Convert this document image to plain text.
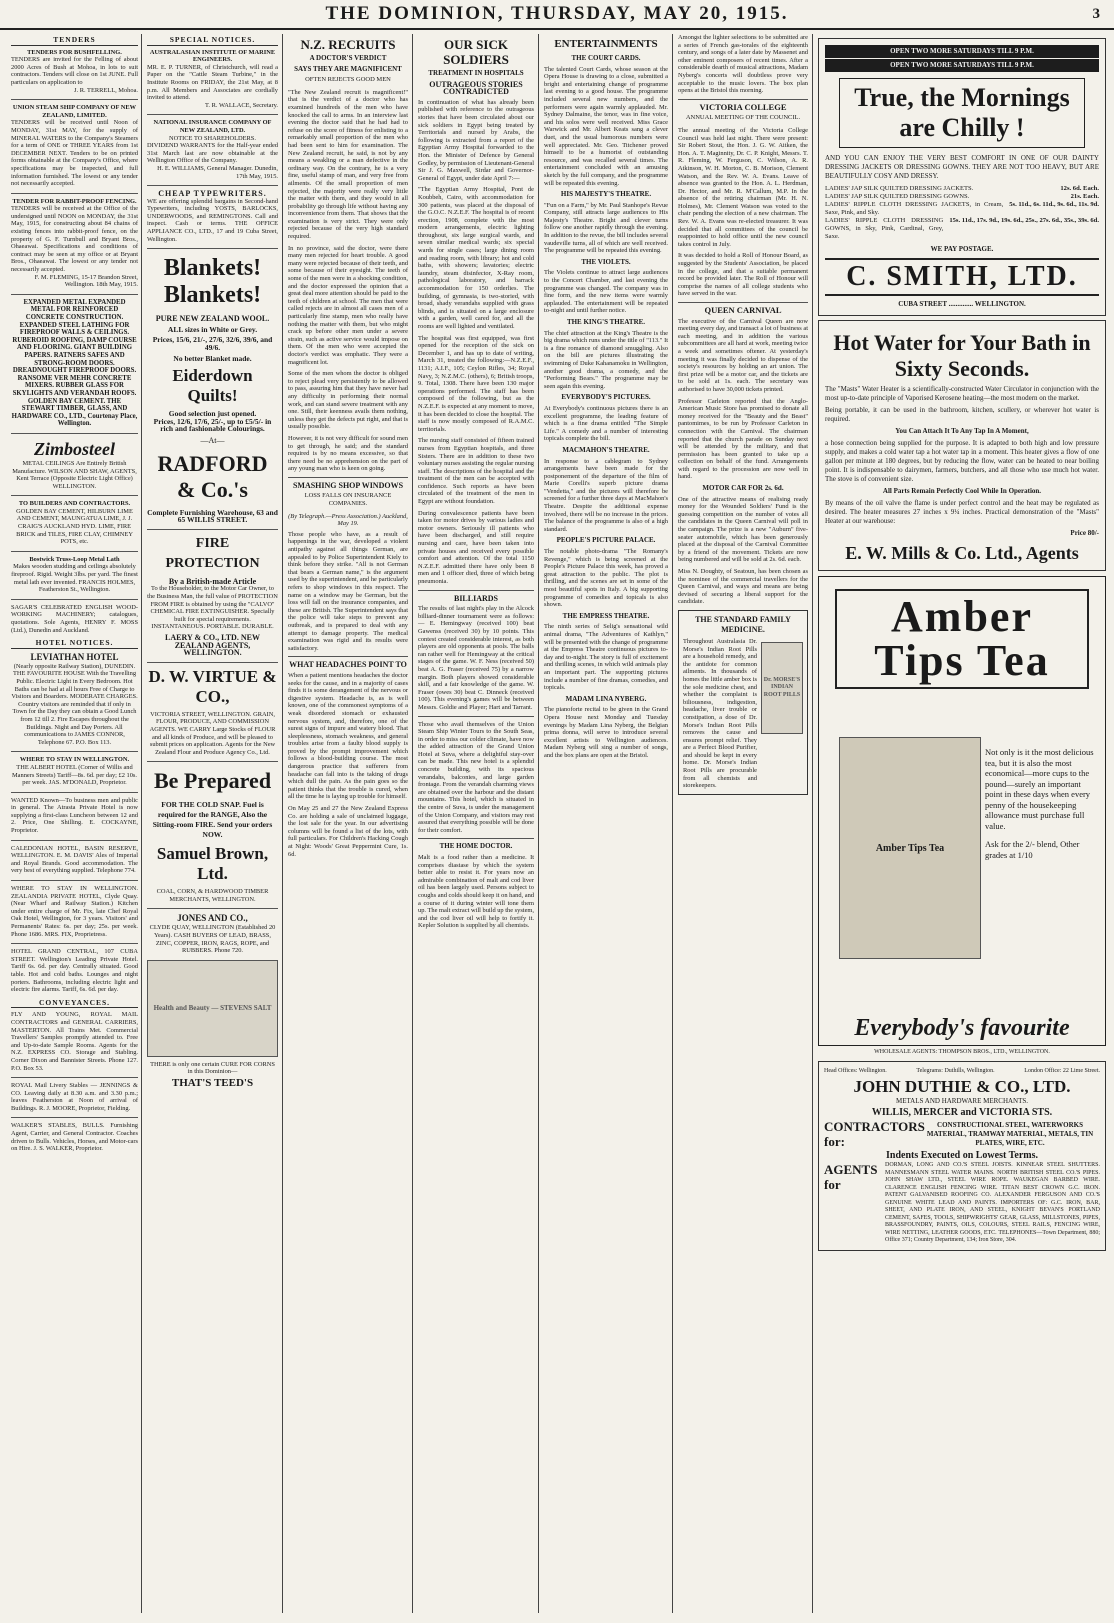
THE DOMINION, THURSDAY, MAY 20, 1915.	3
TENDERS
TENDERS FOR BUSHFELLING.
TENDERS are invited for the Felling of about 2000 Acres of Bush at Mohoa, in lots to suit contractors. Tenders will close on 1st JUNE. Full particulars on application to
J. R. TERRELL, Mohoa.
UNION STEAM SHIP COMPANY OF NEW ZEALAND, LIMITED.
TENDERS will be received until Noon of MONDAY, 31st MAY, for the supply of MINERAL WATERS to the Company's Steamers for a term of ONE or THREE YEARS from 1st DECEMBER NEXT. Tenders to be on printed forms obtainable at the Company's Office, where specifications may be inspected, and full information furnished. The lowest or any tender not necessarily accepted.
TENDER FOR RABBIT-PROOF FENCING.
TENDERS will be received at the Office of the undersigned until NOON on MONDAY, the 31st May, 1915, for constructing about 84 chains of existing fences into rabbit-proof fence, on the property of G. F. Turnbull and Bryant Bros., Ohaeawai. Specifications and conditions of contract may be seen at my office or at Bryant Bros., Ohaeawai. The lowest or any tender not necessarily accepted.
F. M. FLEMING, 15-17 Brandon Street, Wellington. 18th May, 1915.
EXPANDED METAL EXPANDED METAL FOR REINFORCED CONCRETE CONSTRUCTION. EXPANDED STEEL LATHING FOR FIREPROOF WALLS & CEILINGS. RUBEROID ROOFING, DAMP COURSE AND FLOORING. GIANT BUILDING PAPERS. RATNERS SAFES AND STRONG-ROOM DOORS. DREADNOUGHT FIREPROOF DOORS. RANSOME VER MEHR CONCRETE MIXERS. RUBBER GLASS FOR SKYLIGHTS AND VERANDAH ROOFS. GOLDEN BAY CEMENT. THE STEWART TIMBER, GLASS, AND HARDWARE CO., LTD., Courtenay Place, Wellington.
Zimbosteel
METAL CEILINGS Are Entirely British Manufacture. WILSON AND SHAW, AGENTS, Kent Terrace (Opposite Electric Light Office) WELLINGTON.
TO BUILDERS AND CONTRACTORS.
GOLDEN BAY CEMENT, HILBURN LIME AND CEMENT, MAUNGATUA LIME, J. J. CRAIG'S AUCKLAND HYD. LIME, FIRE BRICK and TILES, FIRE CLAY, CHIMNEY POTS, etc.
Bostwick Truss-Loop Metal Lath
Makes wooden studding and ceilings absolutely fireproof. Rigid. Weight 3lbs. per yard. The finest metal lath ever invented. FRANCIS HOLMES, Featherston St., Wellington.
SAGAR'S CELEBRATED ENGLISH WOOD-WORKING MACHINERY; catalogues, quotations. Sole Agents, HENRY F. MOSS (Ltd.), Dunedin and Auckland.
HOTEL NOTICES.
LEVIATHAN HOTEL
(Nearly opposite Railway Station), DUNEDIN. THE FAVOURITE HOUSE With the Travelling Public. Electric Light in Every Bedroom. Hot Baths can be had at all hours Free of Charge to Visitors and Boarders. MODERATE CHARGES. Country visitors are reminded that if only in Town for the Day they can obtain a Good Lunch from 12 till 2. Fire Escapes throughout the Buildings. Night and Day Porters. All communications to JAMES CONNOR, Telephone 67. P.O. Box 113.
WHERE TO STAY IN WELLINGTON.
THE ALBERT HOTEL (Corner of Willis and Manners Streets) Tariff—8s. 6d. per day; £2 10s. per week. JAS. M'DONALD, Proprietor.
WANTED Known—To business men and public in general. The Atrasta Private Hotel is now supplying a first-class Luncheon between 12 and 2. Price, One Shilling. E. COCKAYNE, Proprietor.
CALEDONIAN HOTEL, BASIN RESERVE, WELLINGTON. E. M. DAVIS' Ales of Imperial and Royal Brands. Good accommodation. The very best of everything supplied. Telephone 774.
WHERE TO STAY IN WELLINGTON. ZEALANDIA PRIVATE HOTEL, Clyde Quay. (Near Wharf and Railway Station.) Kitchen under entire charge of Mr. Fix, late Chef Royal Oak Hotel, Wellington, for 3 years. Visitors' and Permanents' Rates: 6s. per day; 25s. per week. Phone 1686. MRS. FIX, Proprietress.
HOTEL GRAND CENTRAL, 107 CUBA STREET. Wellington's Leading Private Hotel. Tariff 6s. 6d. per day. Centrally situated. Good table. Hot and cold baths. Lounges and night porters. Bathrooms, including electric light and electric fire alarms. Tariff, 6s. 6d. per day.
CONVEYANCES.
FLY AND YOUNG, ROYAL MAIL CONTRACTORS and GENERAL CARRIERS, MASTERTON. All Trains Met. Commercial Travellers' Samples promptly attended to. Free and Up-to-date Sample Rooms. Agents for the N.Z. EXPRESS CO. Storage and Stabling. Corner Dixon and Bannister Streets. Phone 127. P.O. Box 53.
ROYAL Mail Livery Stables — JENNINGS & CO. Leaving daily at 8.30 a.m. and 3.30 p.m.; leaves Featherston at Noon of arrival of Buildings. R. J. MOORE, Proprietor, Fielding.
WALKER'S STABLES, BULLS. Furnishing Agent, Carrier, and General Contractor. Coaches driven to Bulls. Vehicles, Horses, and Motor-cars on Hire. J. S. WALKER, Proprietor.
SPECIAL NOTICES.
AUSTRALASIAN INSTITUTE OF MARINE ENGINEERS.
MR. E. P. TURNER, of Christchurch, will read a Paper on the "Cattle Steam Turbine," in the Institute Rooms on FRIDAY, the 21st May, at 8 p.m. All Members and Associates are cordially invited to attend.
T. R. WALLACE, Secretary.
NATIONAL INSURANCE COMPANY OF NEW ZEALAND, LTD.
NOTICE TO SHAREHOLDERS.
DIVIDEND WARRANTS for the Half-year ended 31st March last are now obtainable at the Wellington Office of the Company.
H. E. WILLIAMS, General Manager. Dunedin, 17th May, 1915.
CHEAP TYPEWRITERS.
WE are offering splendid bargains in Second-hand Typewriters, including YOSTS, BARLOCKS, UNDERWOODS, and REMINGTONS. Call and inspect. Cash or terms. THE OFFICE APPLIANCE CO., LTD., 17 and 19 Cuba Street, Wellington.
Blankets! Blankets!
PURE NEW ZEALAND WOOL.
ALL sizes in White or Grey.
Prices, 15/6, 21/-, 27/6, 32/6, 39/6, and 49/6.
No better Blanket made.
Eiderdown Quilts!
Good selection just opened.
Prices, 12/6, 17/6, 25/-, up to £5/5/- in rich and fashionable Colourings.
—At—
RADFORD & Co.'s
Complete Furnishing Warehouse, 63 and 65 WILLIS STREET.
FIRE PROTECTION
By a British-made Article
To the Householder, to the Motor Car Owner, to the Business Man, the full value of PROTECTION FROM FIRE is obtained by using the "CALVO" CHEMICAL FIRE EXTINGUISHER. Specially built for special requirements. INSTANTANEOUS. PORTABLE. DURABLE.
LAERY & CO., LTD. NEW ZEALAND AGENTS, WELLINGTON.
D. W. VIRTUE & CO.,
VICTORIA STREET, WELLINGTON. GRAIN, FLOUR, PRODUCE, AND COMMISSION AGENTS. WE CARRY Large Stocks of FLOUR and all kinds of Produce, and will be pleased to submit prices on application. Agents for the New Zealand Flour and Produce Agency Co., Ltd.
Be Prepared
FOR THE COLD SNAP. Fuel is required for the RANGE, Also the Sitting-room FIRE. Send your orders NOW.
Samuel Brown, Ltd.
COAL, CORN, & HARDWOOD TIMBER MERCHANTS, WELLINGTON.
JONES AND CO.,
CLYDE QUAY, WELLINGTON (Established 20 Years). CASH BUYERS OF LEAD, BRASS, ZINC, COPPER, IRON, RAGS, ROPE, and RUBBERS. Phone 720.
Health and Beauty — STEVENS SALT
THERE is only one certain CURE FOR CORNS in this Dominion—
THAT'S TEED'S
N.Z. RECRUITS
A DOCTOR'S VERDICT
SAYS THEY ARE MAGNIFICENT
OFTEN REJECTS GOOD MEN

"The New Zealand recruit is magnificent!" that is the verdict of a doctor who has examined hundreds of the men who have knocked the call to arms. In an interview last evening the doctor said that he had had to refuse on the score of fitness for enlisting to a remarkably small proportion of the men who had been sent to him for examination. The New Zealand recruit, he said, is not by any means a weakling or a man defective in the ordinary way. On the contrary, he is a very fine, useful stamp of man, and very free from ailments. Of the small proportion of men rejected, the majority were really very little the matter with them, and they would in all probability go through life without having any inconvenience from them. That shows that the examination is very strict. They were only rejected because of the very high standard required.

In no province, said the doctor, were there many men rejected for heart trouble. A good many were rejected because of their teeth, and some because of their eyesight. The teeth of some of the men were in a shocking condition, and the doctor expressed the opinion that a great deal more attention should be paid to the teeth of children at school. The men that were called rejects are in almost all cases men of a particularly fine stamp, men who really have nothing the matter with them, but who might crack up before other men under a severe strain, such as active service would impose on them. Of the men who were accepted the doctor's verdict was emphatic. They were a magnificent lot.

Some of the men whom the doctor is obliged to reject plead very persistently to be allowed to pass, assuring him that they have never had any difficulty in performing their normal work, and can stand severe treatment with any one. Still, their keenness avails them nothing, unless they get the defects put right, and that is usually possible.

However, it is not very difficult for sound men to get through, he said; and the standard required is by no means excessive, so that there need be no apprehension on the part of any young man who is keen on going.

SMASHING SHOP WINDOWS
LOSS FALLS ON INSURANCE COMPANIES.
(By Telegraph.—Press Association.) Auckland, May 19.

Those people who have, as a result of happenings in the war, developed a violent antipathy against all things German, are appealed to by Police Superintendent Kiely to think before they strike. "All is not German that bears a German name," is the argument used by the superintendent, and he particularly refers to shop windows in this respect. The name on a window may be German, but the loss will fall on the insurance companies, and these are British. The Superintendent says that the police will take steps to prevent any outbreak, and is prepared to deal with any attempt to damage property. The medical examination was rigid and its results were satisfactory.

WHAT HEADACHES POINT TO

When a patient mentions headaches the doctor seeks for the cause, and in a majority of cases finds it is some derangement of the nervous or digestive system. Headache is, as is well known, one of the commonest symptoms of a weak disordered stomach or exhausted nervous system, and, therefore, one of the surest signs of impure and watery blood. That sleeplessness, stomach weakness, and general troubles arise from a faulty blood supply is proved by the prompt improvement which follows a blood-building course. The most dangerous practice that sufferers from headache can fall into is the taking of drugs which dull the pain. As the pain goes so the patient thinks that the trouble is cured, when all the time he is laying up trouble for himself.

On May 25 and 27 the New Zealand Express Co. are holding a sale of unclaimed luggage, the lost sale for the year. In our advertising columns will be found a list of the lots, with full particulars. For Children's Hacking Cough at Night: Woods' Great Peppermint Cure, 1s. 6d.

OUR SICK SOLDIERS
TREATMENT IN HOSPITALS
OUTRAGEOUS STORIES CONTRADICTED

In continuation of what has already been published with reference to the outrageous stories that have been circulated about our sick soldiers in Egypt being treated by Territorials and nursed by Arabs, the following is extracted from a report of the Egyptian Army Hospital forwarded to the Hon. the Minister of Defence by General Godley, by permission of Lieutenant-General Sir J. G. Maxwell, Sirdar and Governor-General of Egypt, under date April 7:—

"The Egyptian Army Hospital, Pont de Koubbeh, Cairo, with accommodation for 300 patients, was placed at the disposal of the G.O.C. N.Z.E.F. The hospital is of recent erection, 1908, complete with the most modern arrangements, electric lighting throughout, six large surgical wards, and seven similar medical wards; six special wards for single cases; large dining room and reading room, with library; hot and cold baths, with showers; lavatories; electric laundry, steam disinfector, X-Ray room, pathological laboratory, and barrack accommodation for 150 orderlies. The building, of gymnasia, is two-storied, with broad, shady verandahs supplied with grass blinds, and is situated on a large enclosure with a garden, well cared for, and all the rooms are well lighted and ventilated.

The hospital was first equipped, was first opened for the reception of the sick on December 1, and has up to date of writing, March 31, treated the following:—N.Z.E.F., 1131; A.I.F., 105; Ceylon Rifles, 34; Royal Navy, 3; N.Z.M.C. (others), 6; British troops, 9. Total, 1308. There have been 130 major operations performed. The staff has been composed of the following, but as the N.Z.E.F. is expected at any moment to move, it has been decided to close the hospital. The staff is now mostly composed of R.A.M.C. territorials.

The nursing staff consisted of fifteen trained nurses from Egyptian hospitals, and three Sisters. There are in addition to these two voluntary nurses assisting the regular nursing staff. The descriptions of the hospital and the treatment of the men can be accepted with confidence. Such reports as have been circulated of the treatment of the men in Egypt are without foundation.

During convalescence patients have been taken for motor drives by various ladies and motor owners. Seriously ill patients who have been discharged, and still require nursing and care, have been taken into private houses and received every possible comfort and attention. Of the total 1150 N.Z.E.F. admitted there have only been 8 men and 1 officer died, three of which being pneumonia.

BILLIARDS

The results of last night's play in the Alcock billiard-dinner tournament were as follows:— E. Hemingway (received 100) beat Gawenss (received 30) by 10 points. This contest created considerable interest, as both players are old opponents at pools. The balls ran rather well for Hemingway at the critical stages of the game. W. F. Ness (received 50) beat A. G. Fraser (received 75) by a narrow margin. Both players showed considerable skill, and a fair knowledge of the game. W. Fraser (owes 30) beat C. Dinneck (received 100). This evening's games will be between Messrs. Goldie and Player; Hart and Tarrant.

Those who avail themselves of the Union Steam Ship Winter Tours to the South Seas, in order to miss our colder climate, have now the added attraction of the Grand Union Hotel at Suva, where a delightful stay-over can be made. This new hotel is a splendid concrete building, with its spacious verandahs, balconies, and large garden frontage. From the verandah charming views are obtained over the harbour and the distant mountains. This hotel, which is situated in the centre of Suva, is under the management of the Union Company, and visitors may rest assured that everything possible will be done for their comfort.

THE HOME DOCTOR.

Malt is a food rather than a medicine. It comprises diastase by which the system better able to resist it. For years now an admirable combination of malt and cod liver oil has been largely used. Persons subject to coughs and colds should keep it on hand, and a course of it during winter will tone them up. The malt extract will build up the system, and the cod liver oil will help to fortify it. Kepler Solution is supplied by all chemists.

ENTERTAINMENTS
THE COURT CARDS.

The talented Court Cards, whose season at the Opera House is drawing to a close, submitted a bright and entertaining change of programme last evening to a good house. The programme included several new numbers, and the performers were again warmly applauded. Mr. Sydney Dalmaine, the tenor, was in fine voice, and his solos were well received. Miss Grace Warwick and Mr. Albert Keats sang a clever duet, and the usual humorous numbers were well appreciated. Mr. Geo. Titchener proved himself to be a humorist of outstanding resource, and was recalled several times. The entertainment concluded with an amusing sketch by the full company, and the programme will be repeated this evening.

HIS MAJESTY'S THEATRE.

"Fun on a Farm," by Mr. Paul Stanhope's Revue Company, still attracts large audiences to His Majesty's Theatre. Bright and clever turns follow one another rapidly through the evening. In addition to the revue, the bill includes several vaudeville turns, all of which are well received. The programme will be repeated this evening.

THE VIOLETS.

The Violets continue to attract large audiences to the Concert Chamber, and last evening the programme was changed. The company was in fine form, and the new items were warmly applauded. The entertainment will be repeated to-night and until further notice.

THE KING'S THEATRE.

The chief attraction at the King's Theatre is the big drama which runs under the title of "113." It is a fine romance of diamond smuggling. Also on the bill are pictures illustrating the swimming of Duke Kahanamoku in Wellington, another good drama, a comedy, and the "Performing Bears." The programme may be seen again this evening.

EVERYBODY'S PICTURES.

At Everybody's continuous pictures there is an excellent programme, the leading feature of which is a fine drama entitled "The Simple Life." A comedy and a number of interesting topicals complete the bill.

MACMAHON'S THEATRE.

In response to a cablegram to Sydney arrangements have been made for the postponement of the departure of the film of Marie Corelli's superb picture drama "Vendetta," and the pictures will therefore be screened for a further three days at MacMahon's Theatre. Despite the additional expense involved, there will be no increase in the prices. The balance of the programme is also of a high standard.

PEOPLE'S PICTURE PALACE.

The notable photo-drama "The Romany's Revenge," which is being screened at the People's Picture Palace this week, has proved a great attraction to the public. The plot is thrilling, and the scenes are set in some of the most beautiful spots in Italy. A big supporting programme of comedies and topicals is also shown.

THE EMPRESS THEATRE.

The ninth series of Selig's sensational wild animal drama, "The Adventures of Kathlyn," will be presented with the change of programme at the Empress Theatre continuous pictures to-day and to-night. The story is full of excitement and thrilling scenes, in which wild animals play an important part. The supporting pictures include a number of fine dramas, comedies, and topicals.

MADAM LINA NYBERG.

The pianoforte recital to be given in the Grand Opera House next Monday and Tuesday evenings by Madam Lina Nyberg, the Belgian prima donna, will serve to introduce several excellent artists to Wellington audiences. Madam Nyberg will sing a number of songs, and the box plans are open at the Bristol.

Amongst the lighter selections to be submitted are a series of French gas-torales of the eighteenth century, and songs of a later date by Massenet and other eminent composers of recent times. After a considerable dearth of musical attractions, Madam Nyberg's concerts will doubtless prove very acceptable to the music lovers. The box plan opens at the Bristol this morning.

VICTORIA COLLEGE
ANNUAL MEETING OF THE COUNCIL.

The annual meeting of the Victoria College Council was held last night. There were present: Sir Robert Stout, the Hon. J. G. W. Aitken, the Hon. A. T. Maginnity, Dr. C. P. Knight, Messrs. T. R. Fleming, W. Ferguson, C. Wilson, A. R. Atkinson, W. H. Morton, C. B. Morison, Clement Watson, and the Rev. W. A. Evans. Leave of absence was granted to the Hon. A. L. Herdman, Dr. Hector, and Mr. R. M'Callum, M.P. In the absence of the retiring chairman (Mr. H. N. Holmes), Mr. Clement Watson was voted to the chair pending the election of a new chairman. The Rev. W. A. Evans was re-elected treasurer. It was decided that all committees of the council be reappointed to hold office until the new council takes control in July.

It was decided to hold a Roll of Honour Board, as suggested by the Students' Association, be placed in the college, and that a suitable permanent record be provided later. The Roll of Honour will comprise the names of all college students who have served in the war.

QUEEN CARNIVAL

The executive of the Carnival Queen are now meeting every day, and transact a lot of business at each meeting, and in addition the various subcommittees are all hard at work, meeting twice a week and sometimes oftener. At yesterday's meeting it was finally decided to dispense of the society's resources by holding an art union. The first prize will be a motor car, and the tickets are to be sold at 1s. each. The secretary was authorised to have 30,000 tickets printed.

Professor Carleton reported that the Anglo-American Music Store has promised to donate all money received for the "Beauty and the Beast" pantomimes, to be run by Professor Carleton in connection with the Carnival. The chairman reported that the church parade on Sunday next will be attended by the military, and that permission has been granted to take up a collection on behalf of the fund. Arrangements with regard to the procession are now well in hand.

MOTOR CAR FOR 2s. 6d.

One of the attractive means of realising ready money for the Wounded Soldiers' Fund is the guessing competition on the number of votes all the candidates in the Queen Carnival will poll in the campaign. The prize is a new "Auburn" five-seater automobile, which has been generously placed at the disposal of the Carnival Committee by a friend of the movement. Tickets are now being numbered and will be sold at 2s. 6d. each.

Miss N. Doughty, of Seatoun, has been chosen as the nominee of the commercial travellers for the Queen Carnival, and ways and means are being devised of securing a liberal support for the candidate.

THE STANDARD FAMILY MEDICINE.
Throughout Australasia Dr. Morse's Indian Root Pills are a household remedy, and the antidote for common ailments. In thousands of homes the little amber box is the sole medicine chest, and whether the complaint is biliousness, indigestion, headache, liver trouble or constipation, a dose of Dr. Morse's Indian Root Pills removes the cause and ensures prompt relief. They are a Perfect Blood Purifier, and should be kept in every home. Dr. Morse's Indian Root Pills are procurable from all chemists and storekeepers.
Dr. MORSE'S INDIAN ROOT PILLS
OPEN TWO MORE SATURDAYS TILL 9 P.M.
OPEN TWO MORE SATURDAYS TILL 9 P.M.
True, the Mornings are Chilly !
AND YOU CAN ENJOY THE VERY BEST COMFORT IN ONE OF OUR DAINTY DRESSING JACKETS OR DRESSING GOWNS. THEY ARE NOT TOO HEAVY, BUT ARE BEAUTIFULLY COSY AND DRESSY.
LADIES' JAP SILK QUILTED DRESSING JACKETS.	12s. 6d. Each.
LADIES' JAP SILK QUILTED DRESSING GOWNS.	21s. Each.
LADIES' RIPPLE CLOTH DRESSING JACKETS, in Cream, Saxe, Pink, and Sky.
5s. 11d., 6s. 11d., 9s. 6d., 11s. 9d.
LADIES' RIPPLE CLOTH DRESSING GOWNS, in Sky, Pink, Cardinal, Grey, Saxe.
15s. 11d., 17s. 9d., 19s. 6d., 25s., 27s. 6d., 35s., 39s. 6d.
WE PAY POSTAGE.
C. SMITH, LTD.
CUBA STREET .............. WELLINGTON.
Hot Water for Your Bath in Sixty Seconds.
The "Masts" Water Heater is a scientifically-constructed Water Circulator in conjunction with the most up-to-date principle of Vaporised Kerosene heating—the most modern on the market.
Being portable, it can be used in the bathroom, kitchen, scullery, or wherever hot water is required.
You Can Attach It To Any Tap In A Moment,
a hose connection being supplied for the purpose. It is adapted to both high and low pressure supply, and makes a cold water tap a hot water tap in a moment. This heater gives a flow of one gallon per minute at 180 degrees, but by reducing the flow, water can be heated to near boiling point. It is indispensable to dairymen, farmers, butchers, and all those who use much hot water. The stove is of convenient size.
All Parts Remain Perfectly Cool While In Operation.
By means of the oil valve the flame is under perfect control and the heat may be regulated as desired. The heater measures 27 inches x 9¼ inches. Practical demonstration of the "Masts" Heater at our warehouse:
Price 80/-
E. W. Mills & Co. Ltd., Agents
Amber Tips Tea
Amber Tips Tea
Not only is it the most delicious tea, but it is also the most economical—more cups to the pound—surely an important point in these days when every penny of the housekeeping allowance must purchase full value.
Ask for the 2/- blend, Other grades at 1/10
Everybody's favourite
WHOLESALE AGENTS: THOMPSON BROS., LTD., WELLINGTON.
Head Offices: Wellington.	Telegrams: Duthills, Wellington.	London Office: 22 Lime Street.
JOHN DUTHIE & CO., LTD.
METALS AND HARDWARE MERCHANTS.
WILLIS, MERCER and VICTORIA STS.
CONTRACTORS for:
CONSTRUCTIONAL STEEL, WATERWORKS MATERIAL, TRAMWAY MATERIAL, METALS, TIN PLATES, WIRE, ETC.
Indents Executed on Lowest Terms.
AGENTS for
DORMAN, LONG AND CO.'S STEEL JOISTS. KINNEAR STEEL SHUTTERS. MANNESMANN STEEL WATER MAINS. NORTH BRITISH STEEL CO.'S PIPES. JOHN SHAW LTD., STEEL WIRE ROPE. WAUKEGAN BARBED WIRE. CLARENCE ENGLISH FENCING WIRE. TITAN BEST CROWN G.C. IRON. PATENT GALVANISED ROOFING CO. ALEXANDER FERGUSON AND CO.'S GENUINE WHITE LEAD AND PAINTS. IMPORTERS OF: G.C. IRON, BAR, SHEET, AND PLATE IRON, AND STEEL, KNIGHT BEVAN'S PORTLAND CEMENT, SAFES, TOOLS, SHIPWRIGHTS' GEAR, GLASS, MILLSTONES, PIPES, BRASSFOUNDRY, PAINTS, OILS, COLOURS, STEEL RAILS, FENCING WIRE, WIRE NETTING, LEATHER GOODS, ETC. TELEPHONES—Town Department, 880; Office 371; Country Department, 134; Iron Store, 304.
